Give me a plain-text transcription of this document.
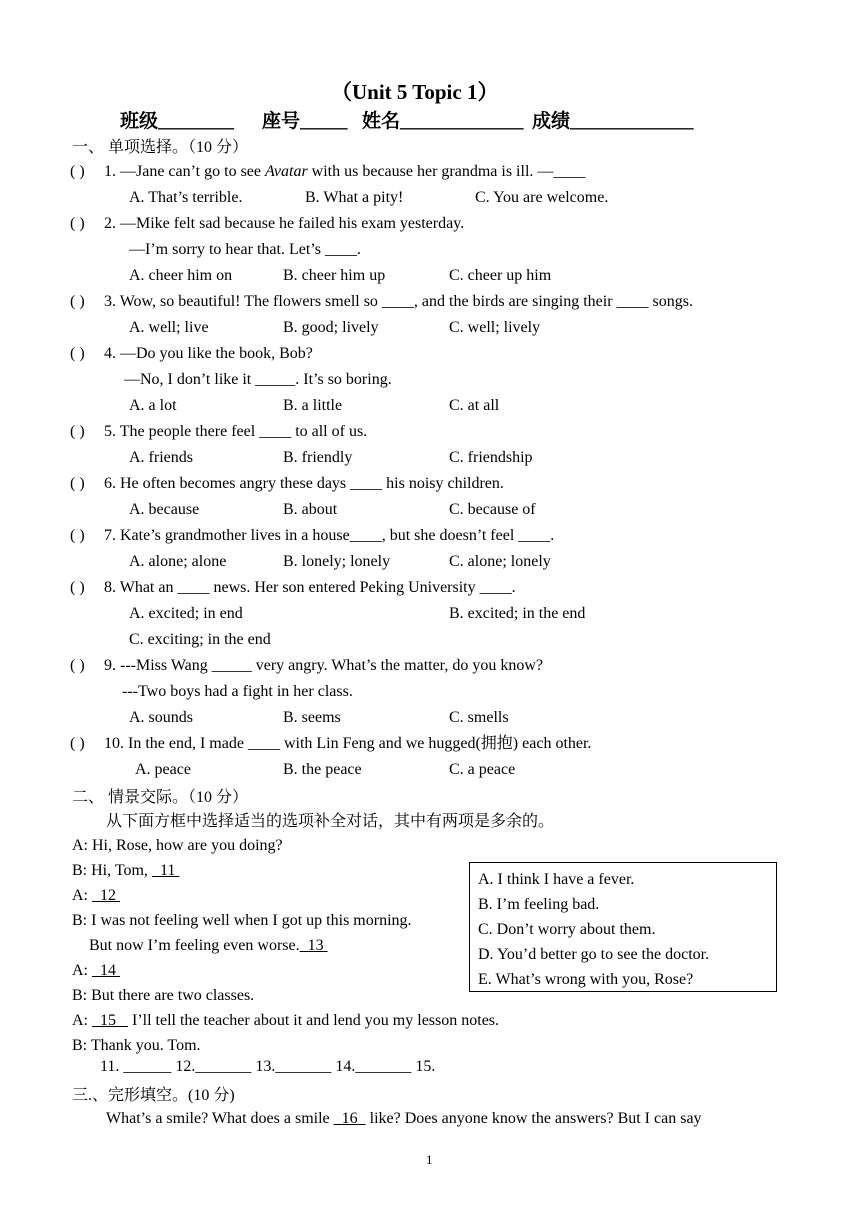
（Unit 5 Topic 1）
班级________ 座号_____ 姓名_____________ 成绩_____________
一、 单项选择。（10 分）
( ) 1. —Jane can’t go to see Avatar with us because her grandma is ill. —____
A. That’s terrible.	B. What a pity!	C. You are welcome.
( ) 2. —Mike felt sad because he failed his exam yesterday.
—I’m sorry to hear that. Let’s ____.
A. cheer him on	B. cheer him up	C. cheer up him
( ) 3. Wow, so beautiful! The flowers smell so ____, and the birds are singing their ____ songs.
A. well; live	B. good; lively	C. well; lively
( ) 4. —Do you like the book, Bob?
—No, I don’t like it _____. It’s so boring.
A. a lot	B. a little	C. at all
( ) 5. The people there feel ____ to all of us.
A. friends	B. friendly	C. friendship
( ) 6. He often becomes angry these days ____ his noisy children.
A. because	B. about	C. because of
( ) 7. Kate’s grandmother lives in a house____, but she doesn’t feel ____.
A. alone; alone	B. lonely; lonely	C. alone; lonely
( ) 8. What an ____ news. Her son entered Peking University ____.
A. excited; in end	B. excited; in the end
C. exciting; in the end
( ) 9. ---Miss Wang _____ very angry. What’s the matter, do you know?
---Two boys had a fight in her class.
A. sounds	B. seems	C. smells
( ) 10. In the end, I made ____ with Lin Feng and we hugged(拥抱) each other.
A. peace	B. the peace	C. a peace
二、 情景交际。（10 分）
从下面方框中选择适当的选项补全对话，其中有两项是多余的。
A: Hi, Rose, how are you doing?
B: Hi, Tom,   11
A:   12
B: I was not feeling well when I got up this morning.
But now I’m feeling even worse. 13
A:   14
B: But there are two classes.
A:   15    I’ll tell the teacher about it and lend you my lesson notes.
B: Thank you. Tom.
11. ______ 12._______ 13._______ 14._______ 15.
A. I think I have a fever.
B. I’m feeling bad.
C. Don’t worry about them.
D. You’d better go to see the doctor.
E. What’s wrong with you, Rose?
三.、完形填空。(10 分)
What’s a smile? What does a smile   16   like? Does anyone know the answers? But I can say
1
